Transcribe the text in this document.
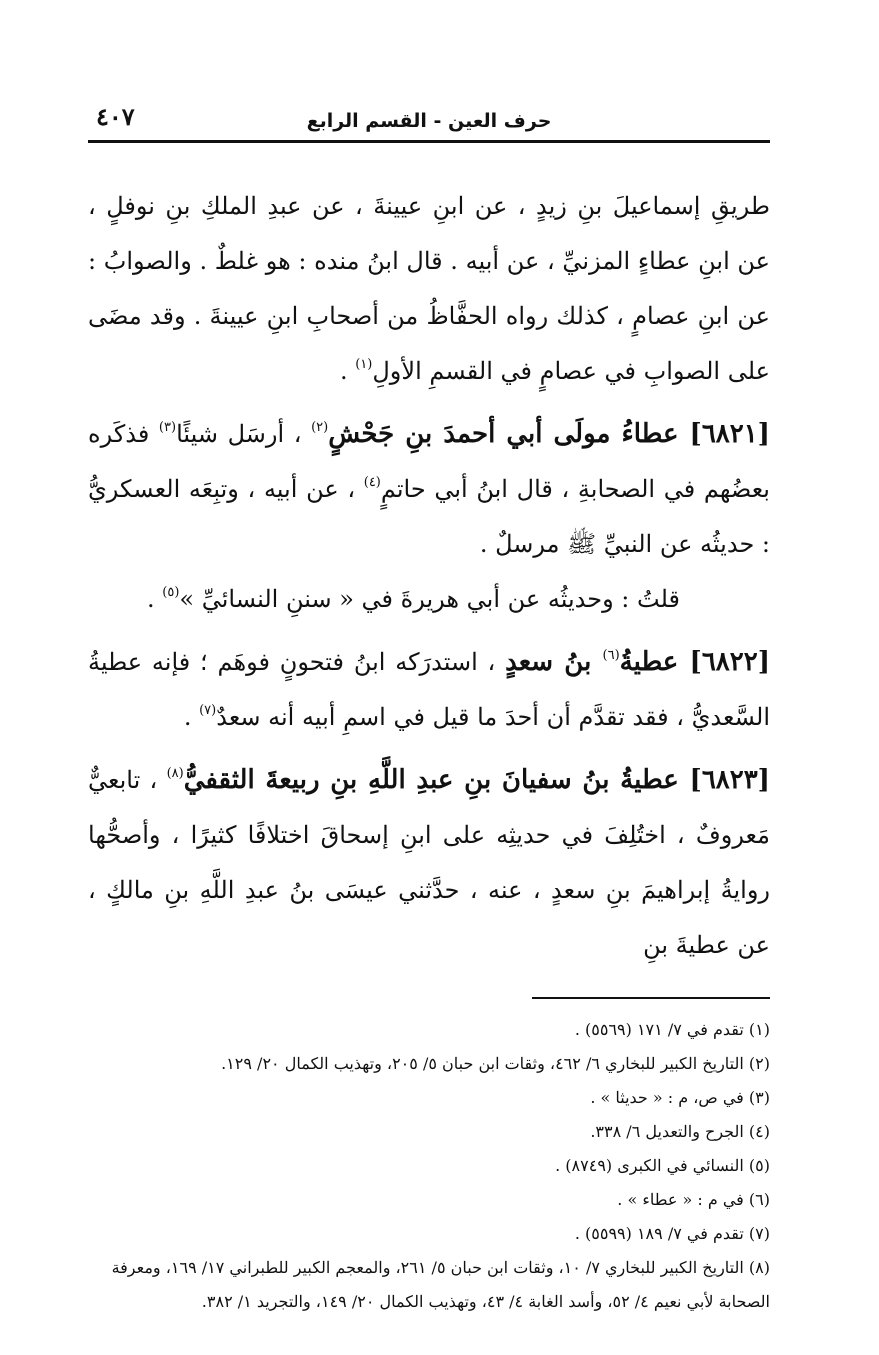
حرف العين - القسم الرابع
٤٠٧

طريقِ إسماعيلَ بنِ زيدٍ ، عن ابنِ عيينةَ ، عن عبدِ الملكِ بنِ نوفلٍ ، عن ابنِ عطاءٍ المزنيِّ ، عن أبيه . قال ابنُ منده : هو غلطٌ . والصوابُ : عن ابنِ عصامٍ ، كذلك رواه الحفَّاظُ من أصحابِ ابنِ عيينةَ . وقد مضَى على الصوابِ في عصامٍ في القسمِ الأولِ$^{(١)}$ .

[٦٨٢١] عطاءُ مولَى أبي أحمدَ بنِ جَحْشٍ$^{(٢)}$ ، أرسَل شيئًا$^{(٣)}$ فذكَره بعضُهم في الصحابةِ ، قال ابنُ أبي حاتمٍ$^{(٤)}$ ، عن أبيه ، وتبِعَه العسكريُّ : حديثُه عن النبيِّ ﷺ مرسلٌ .

قلتُ : وحديثُه عن أبي هريرةَ في « سننِ النسائيِّ »$^{(٥)}$ .

[٦٨٢٢] عطيةُ$^{(٦)}$ بنُ سعدٍ ، استدرَكه ابنُ فتحونٍ فوهَم ؛ فإنه عطيةُ السَّعديُّ ، فقد تقدَّم أن أحدَ ما قيل في اسمِ أبيه أنه سعدٌ$^{(٧)}$ .

[٦٨٢٣] عطيةُ بنُ سفيانَ بنِ عبدِ اللَّهِ بنِ ربيعةَ الثقفيُّ$^{(٨)}$ ، تابعيٌّ مَعروفٌ ، اختُلِفَ في حديثِه على ابنِ إسحاقَ اختلافًا كثيرًا ، وأصحُّها روايةُ إبراهيمَ بنِ سعدٍ ، عنه ، حدَّثني عيسَى بنُ عبدِ اللَّهِ بنِ مالكٍ ، عن عطيةَ بنِ

(١) تقدم في ٧/ ١٧١ (٥٥٦٩) .

(٢) التاريخ الكبير للبخاري ٦/ ٤٦٢، وثقات ابن حبان ٥/ ٢٠٥، وتهذيب الكمال ٢٠/ ١٢٩.

(٣) في ص، م : « حديثا » .

(٤) الجرح والتعديل ٦/ ٣٣٨.

(٥) النسائي في الكبرى (٨٧٤٩) .

(٦) في م : « عطاء » .

(٧) تقدم في ٧/ ١٨٩ (٥٥٩٩) .

(٨) التاريخ الكبير للبخاري ٧/ ١٠، وثقات ابن حبان ٥/ ٢٦١، والمعجم الكبير للطبراني ١٧/ ١٦٩، ومعرفة الصحابة لأبي نعيم ٤/ ٥٢، وأسد الغابة ٤/ ٤٣، وتهذيب الكمال ٢٠/ ١٤٩، والتجريد ١/ ٣٨٢.
